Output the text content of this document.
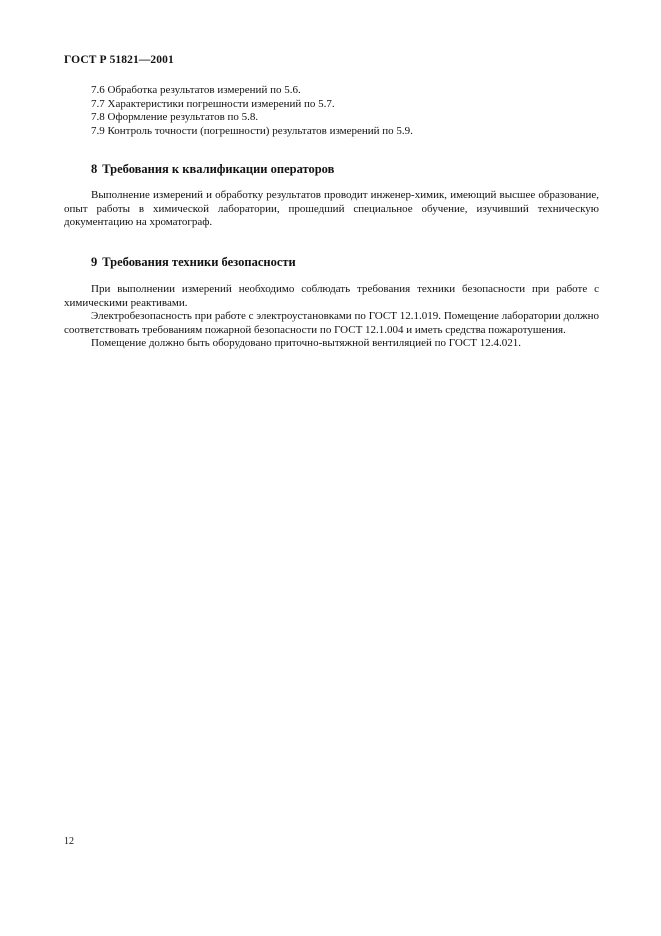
ГОСТ Р 51821—2001
7.6 Обработка результатов измерений по 5.6.
7.7 Характеристики погрешности измерений по 5.7.
7.8 Оформление результатов по 5.8.
7.9 Контроль точности (погрешности) результатов измерений по 5.9.
8 Требования к квалификации операторов

Выполнение измерений и обработку результатов проводит инженер-химик, имеющий высшее образование, опыт работы в химической лаборатории, прошедший специальное обучение, изучивший техническую документацию на хроматограф.

9 Требования техники безопасности

При выполнении измерений необходимо соблюдать требования техники безопасности при работе с химическими реактивами.

Электробезопасность при работе с электроустановками по ГОСТ 12.1.019. Помещение лаборатории должно соответствовать требованиям пожарной безопасности по ГОСТ 12.1.004 и иметь средства пожаротушения.

Помещение должно быть оборудовано приточно-вытяжной вентиляцией по ГОСТ 12.4.021.

12
